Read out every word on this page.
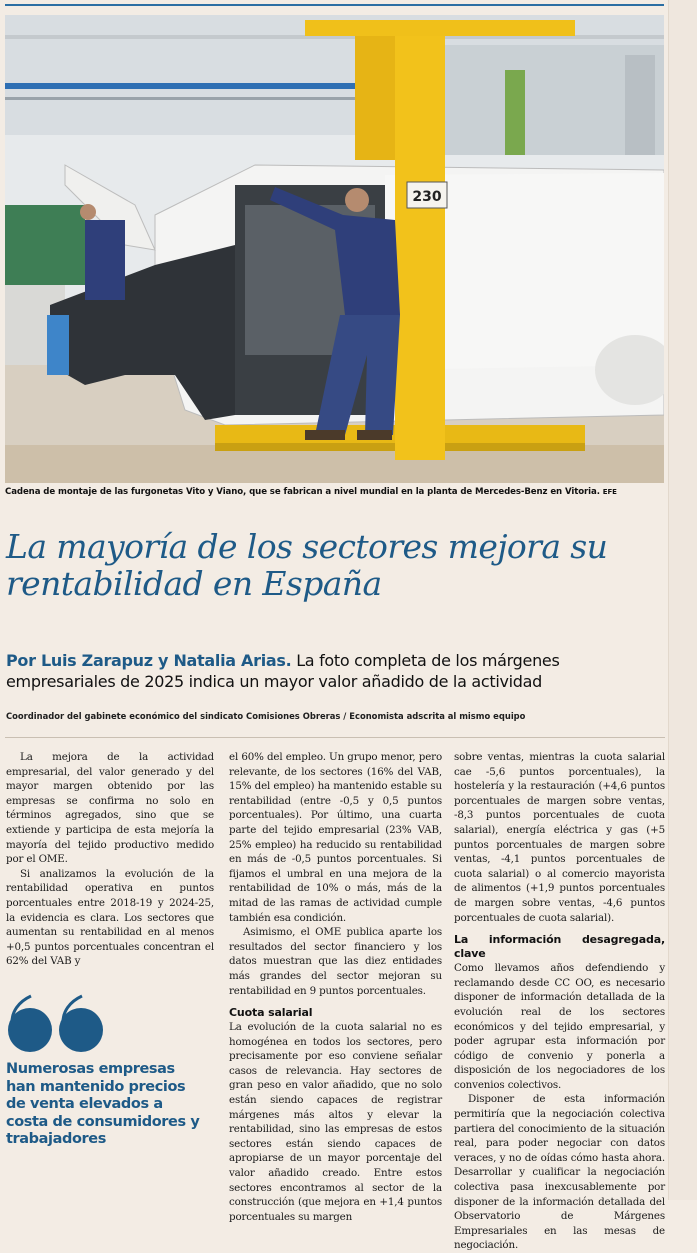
230
Cadena de montaje de las furgonetas Vito y Viano, que se fabrican a nivel mundial en la planta de Mercedes-Benz en Vitoria. EFE
La mayoría de los sectores mejora su rentabilidad en España
Por Luis Zarapuz y Natalia Arias. La foto completa de los márgenes empresariales de 2025 indica un mayor valor añadido de la actividad
Coordinador del gabinete económico del sindicato Comisiones Obreras / Economista adscrita al mismo equipo

La mejora de la actividad empresarial, del valor generado y del mayor margen obtenido por las empresas se confirma no solo en términos agregados, sino que se extiende y participa de esta mejoría la mayoría del tejido productivo medido por el OME.

Si analizamos la evolución de la rentabilidad operativa en puntos porcentuales entre 2018-19 y 2024-25, la evidencia es clara. Los sectores que aumentan su rentabilidad en al menos +0,5 puntos porcentuales concentran el 62% del VAB y

Numerosas empresas han mantenido precios de venta elevados a costa de consumidores y trabajadores

el 60% del empleo. Un grupo menor, pero relevante, de los sectores (16% del VAB, 15% del empleo) ha mantenido estable su rentabilidad (entre -0,5 y 0,5 puntos porcentuales). Por último, una cuarta parte del tejido empresarial (23% VAB, 25% empleo) ha reducido su rentabilidad en más de -0,5 puntos porcentuales. Si fijamos el umbral en una mejora de la rentabilidad de 10% o más, más de la mitad de las ramas de actividad cumple también esa condición.

Asimismo, el OME publica aparte los resultados del sector financiero y los datos muestran que las diez entidades más grandes del sector mejoran su rentabilidad en 9 puntos porcentuales.

Cuota salarial

La evolución de la cuota salarial no es homogénea en todos los sectores, pero precisamente por eso conviene señalar casos de relevancia. Hay sectores de gran peso en valor añadido, que no solo están siendo capaces de registrar márgenes más altos y elevar la rentabilidad, sino las empresas de estos sectores están siendo capaces de apropiarse de un mayor porcentaje del valor añadido creado. Entre estos sectores encontramos al sector de la construcción (que mejora en +1,4 puntos porcentuales su margen

sobre ventas, mientras la cuota salarial cae -5,6 puntos porcentuales), la hostelería y la restauración (+4,6 puntos porcentuales de margen sobre ventas, -8,3 puntos porcentuales de cuota salarial), energía eléctrica y gas (+5 puntos porcentuales de margen sobre ventas, -4,1 puntos porcentuales de cuota salarial) o al comercio mayorista de alimentos (+1,9 puntos porcentuales de margen sobre ventas, -4,6 puntos porcentuales de cuota salarial).

La información desagregada, clave

Como llevamos años defendiendo y reclamando desde CC OO, es necesario disponer de información detallada de la evolución real de los sectores económicos y del tejido empresarial, y poder agrupar esta información por código de convenio y ponerla a disposición de los negociadores de los convenios colectivos.

Disponer de esta información permitiría que la negociación colectiva partiera del conocimiento de la situación real, para poder negociar con datos veraces, y no de oídas cómo hasta ahora. Desarrollar y cualificar la negociación colectiva pasa inexcusablemente por disponer de la información detallada del Observatorio de Márgenes Empresariales en las mesas de negociación.
